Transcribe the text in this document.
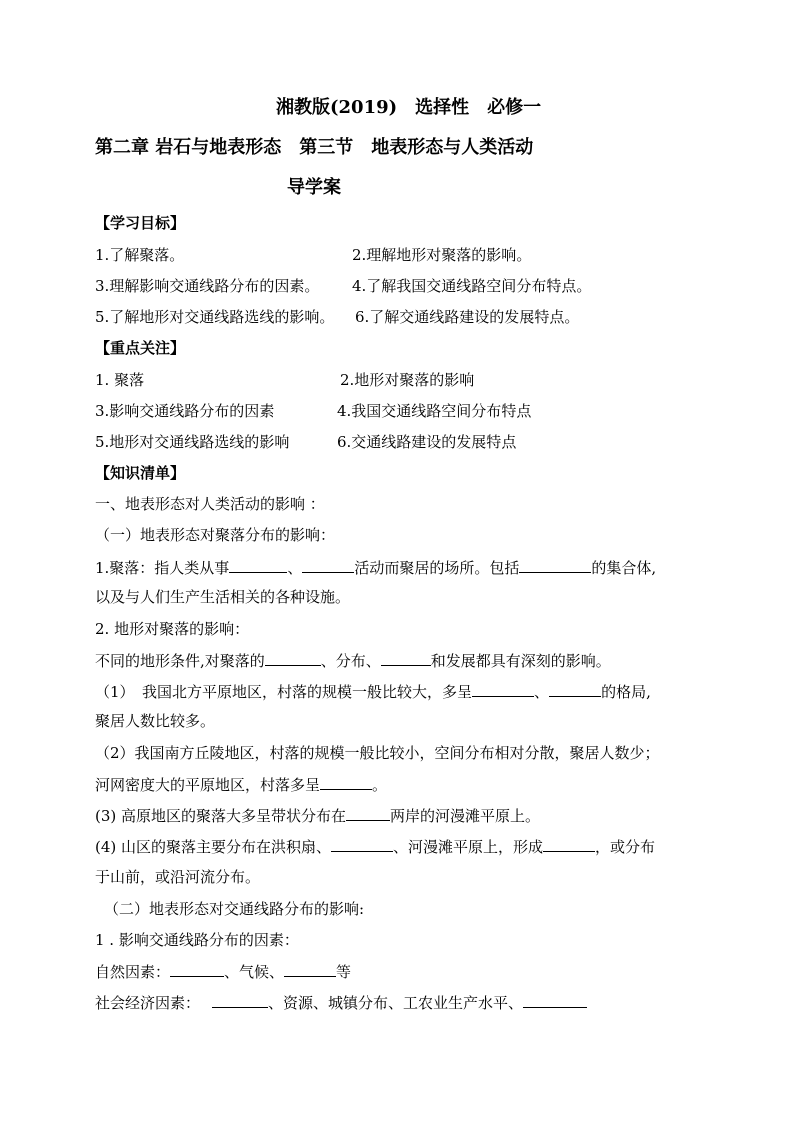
湘教版(2019)　选择性　必修一
第二章 岩石与地表形态　第三节　地表形态与人类活动
导学案
【学习目标】
1.了解聚落。	2.理解地形对聚落的影响。
3.理解影响交通线路分布的因素。 4.了解我国交通线路空间分布特点。
5.了解地形对交通线路选线的影响。 6.了解交通线路建设的发展特点。
【重点关注】
1. 聚落	2.地形对聚落的影响
3.影响交通线路分布的因素	4.我国交通线路空间分布特点
5.地形对交通线路选线的影响	6.交通线路建设的发展特点
【知识清单】
一、地表形态对人类活动的影响 ：
（一）地表形态对聚落分布的影响：
1.聚落：指人类从事	、	活动而聚居的场所。包括	的集合体,
以及与人们生产生活相关的各种设施。
2. 地形对聚落的影响：
不同的地形条件,对聚落的	、分布、	和发展都具有深刻的影响。
（1）　我国北方平原地区，村落的规模一般比较大，多呈	、	的格局,
聚居人数比较多。
（2）我国南方丘陵地区，村落的规模一般比较小，空间分布相对分散，聚居人数少；
河网密度大的平原地区，村落多呈	。
(3) 高原地区的聚落大多呈带状分布在	两岸的河漫滩平原上。
(4) 山区的聚落主要分布在洪积扇、	、河漫滩平原上，形成	，或分布
于山前，或沿河流分布。
（二）地表形态对交通线路分布的影响:
1 . 影响交通线路分布的因素：
自然因素：	、气候、	等
社会经济因素：	、资源、城镇分布、工农业生产水平、
